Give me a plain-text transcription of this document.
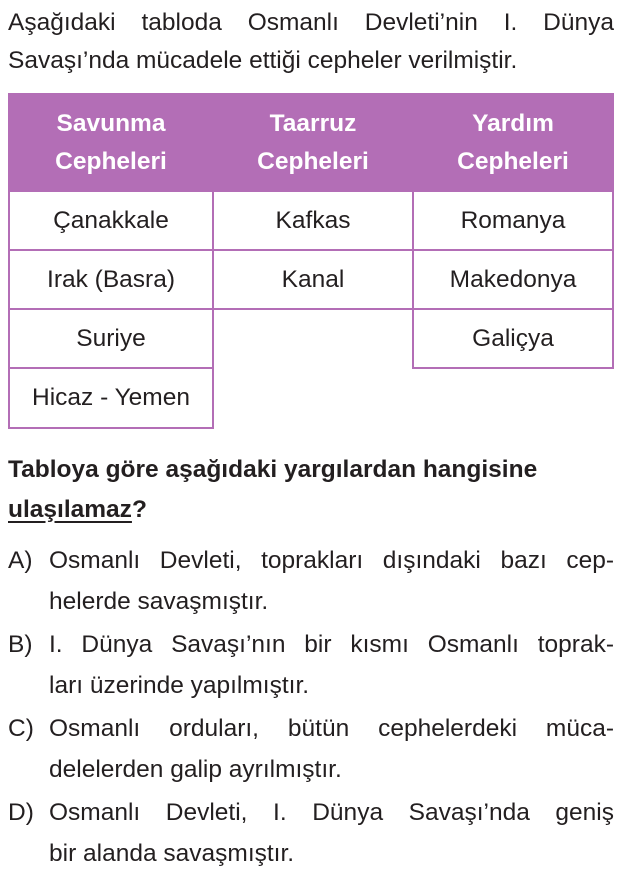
Aşağıdaki tabloda Osmanlı Devleti’nin I. Dünya
Savaşı’nda mücadele ettiği cepheler verilmiştir.
Savunma
Cepheleri
Taarruz
Cepheleri
Yardım
Cepheleri
Çanakkale
Irak (Basra)
Suriye
Hicaz - Yemen
Kafkas
Kanal
Romanya
Makedonya
Galiçya
Tabloya göre aşağıdaki yargılardan hangisine
ulaşılamaz?
A) Osmanlı Devleti, toprakları dışındaki bazı cep-
helerde savaşmıştır.
B) I. Dünya Savaşı’nın bir kısmı Osmanlı toprak-
ları üzerinde yapılmıştır.
C) Osmanlı orduları, bütün cephelerdeki müca-
delelerden galip ayrılmıştır.
D) Osmanlı Devleti, I. Dünya Savaşı’nda geniş
bir alanda savaşmıştır.
